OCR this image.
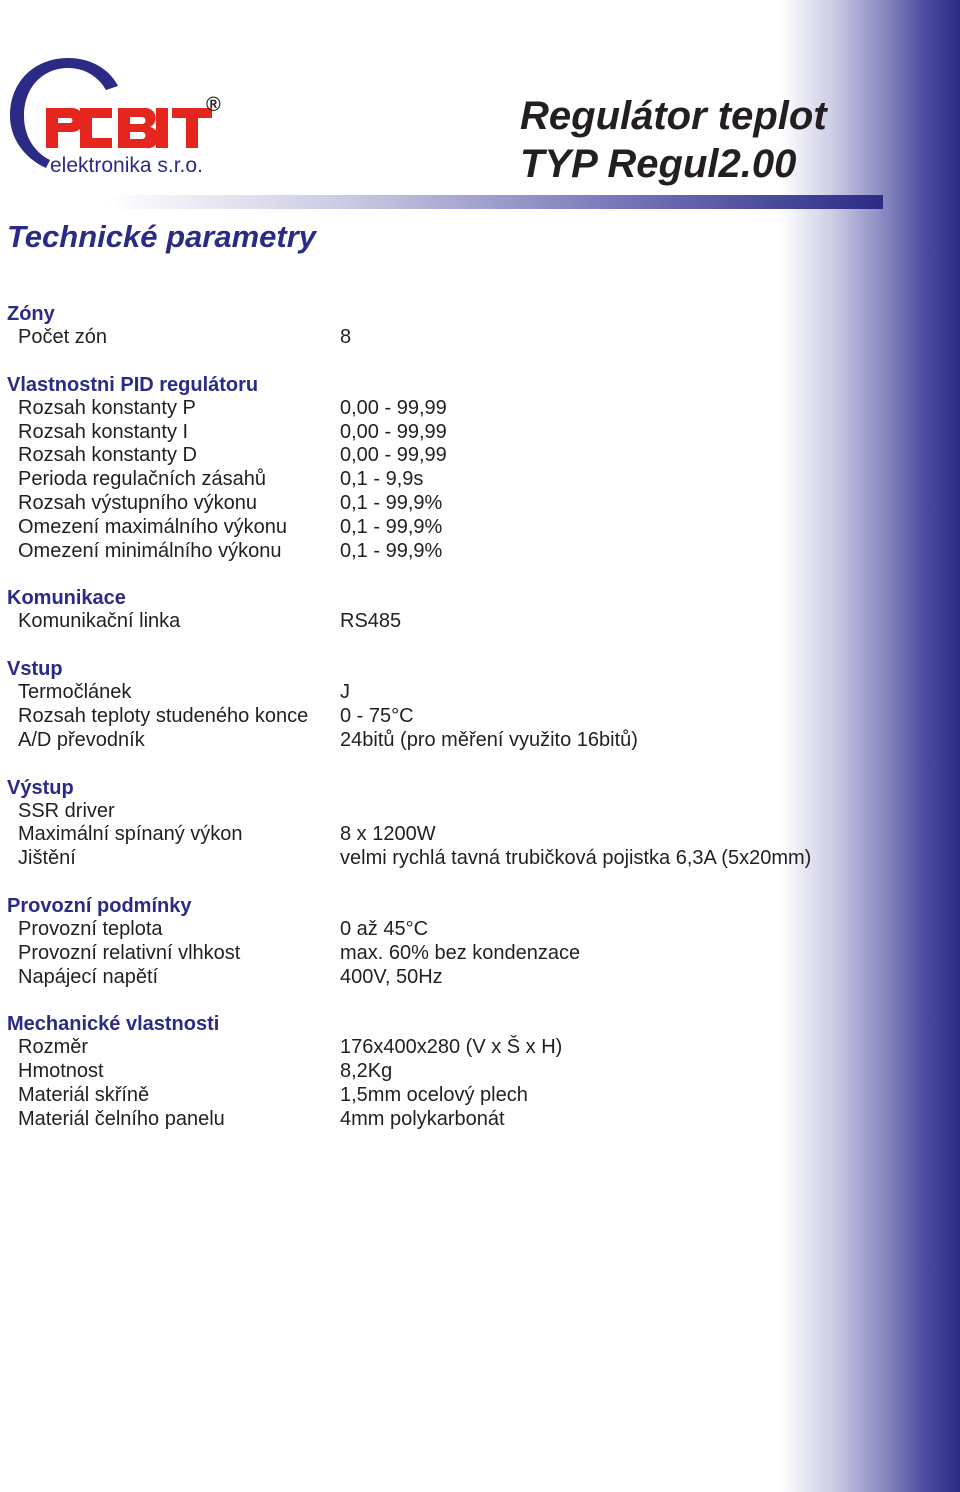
®
elektronika s.r.o.
Regulátor teplot
TYP Regul2.00
Technické parametry
Zóny
Počet zón	8
Vlastnostni PID regulátoru
Rozsah konstanty P	0,00 - 99,99
Rozsah konstanty I	0,00 - 99,99
Rozsah konstanty D	0,00 - 99,99
Perioda regulačních zásahů	0,1 - 9,9s
Rozsah výstupního výkonu	0,1 - 99,9%
Omezení maximálního výkonu	0,1 - 99,9%
Omezení minimálního výkonu	0,1 - 99,9%
Komunikace
Komunikační linka	RS485
Vstup
Termočlánek	J
Rozsah teploty studeného konce	0 - 75°C
A/D převodník	24bitů (pro měření využito 16bitů)
Výstup
SSR driver
Maximální spínaný výkon	8 x 1200W
Jištění	velmi rychlá tavná trubičková pojistka 6,3A (5x20mm)
Provozní podmínky
Provozní teplota	0 až 45°C
Provozní relativní vlhkost	max. 60% bez kondenzace
Napájecí napětí	400V, 50Hz
Mechanické vlastnosti
Rozměr	176x400x280 (V x Š x H)
Hmotnost	8,2Kg
Materiál skříně	1,5mm ocelový plech
Materiál čelního panelu	4mm polykarbonát
